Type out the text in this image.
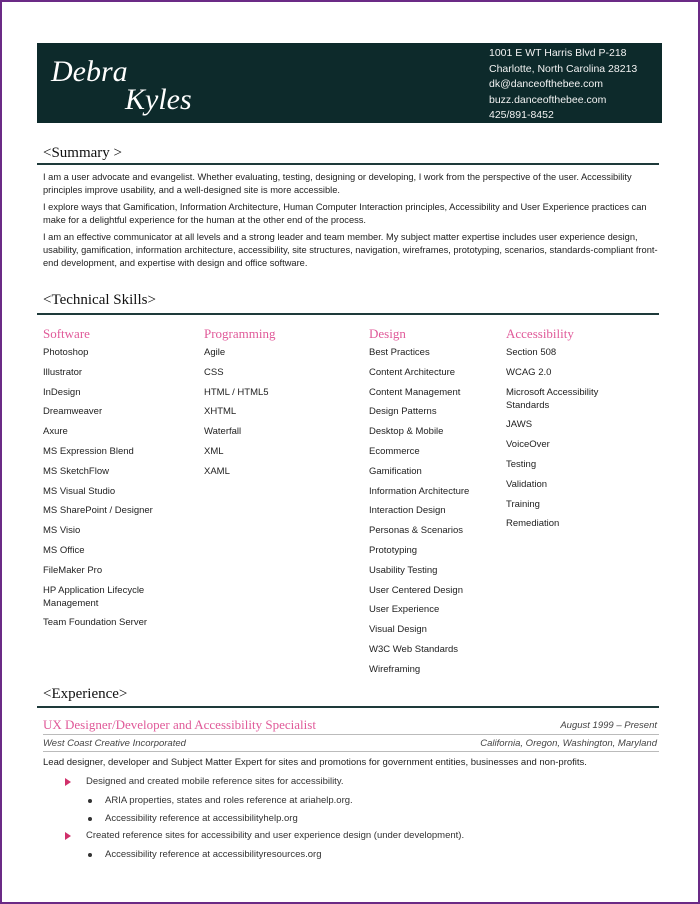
Debra
Kyles
1001 E WT Harris Blvd P-218
Charlotte, North Carolina 28213
dk@danceofthebee.com
buzz.danceofthebee.com
425/891-8452
<Summary >

I am a user advocate and evangelist. Whether evaluating, testing, designing or developing, I work from the perspective of the user. Accessibility principles improve usability, and a well-designed site is more accessible.

I explore ways that Gamification, Information Architecture, Human Computer Interaction principles, Accessibility and User Experience practices can make for a delightful experience for the human at the other end of the process.

I am an effective communicator at all levels and a strong leader and team member. My subject matter expertise includes user experience design, usability, gamification, information architecture, accessibility, site structures, navigation, wireframes, prototyping, scenarios, standards-compliant front-end development, and expertise with design and office software.

<Technical Skills>
Software
Photoshop
Illustrator
InDesign
Dreamweaver
Axure
MS Expression Blend
MS SketchFlow
MS Visual Studio
MS SharePoint / Designer
MS Visio
MS Office
FileMaker Pro
HP Application Lifecycle Management
Team Foundation Server
Programming
Agile
CSS
HTML / HTML5
XHTML
Waterfall
XML
XAML
Design
Best Practices
Content Architecture
Content Management
Design Patterns
Desktop & Mobile
Ecommerce
Gamification
Information Architecture
Interaction Design
Personas & Scenarios
Prototyping
Usability Testing
User Centered Design
User Experience
Visual Design
W3C Web Standards
Wireframing
Accessibility
Section 508
WCAG 2.0
Microsoft Accessibility Standards
JAWS
VoiceOver
Testing
Validation
Training
Remediation
<Experience>
UX Designer/Developer and Accessibility Specialist	August 1999 – Present
West Coast Creative Incorporated	California, Oregon, Washington, Maryland
Lead designer, developer and Subject Matter Expert for sites and promotions for government entities, businesses and non-profits.
Designed and created mobile reference sites for accessibility.
ARIA properties, states and roles reference at ariahelp.org.
Accessibility reference at accessibilityhelp.org
Created reference sites for accessibility and user experience design (under development).
Accessibility reference at accessibilityresources.org
